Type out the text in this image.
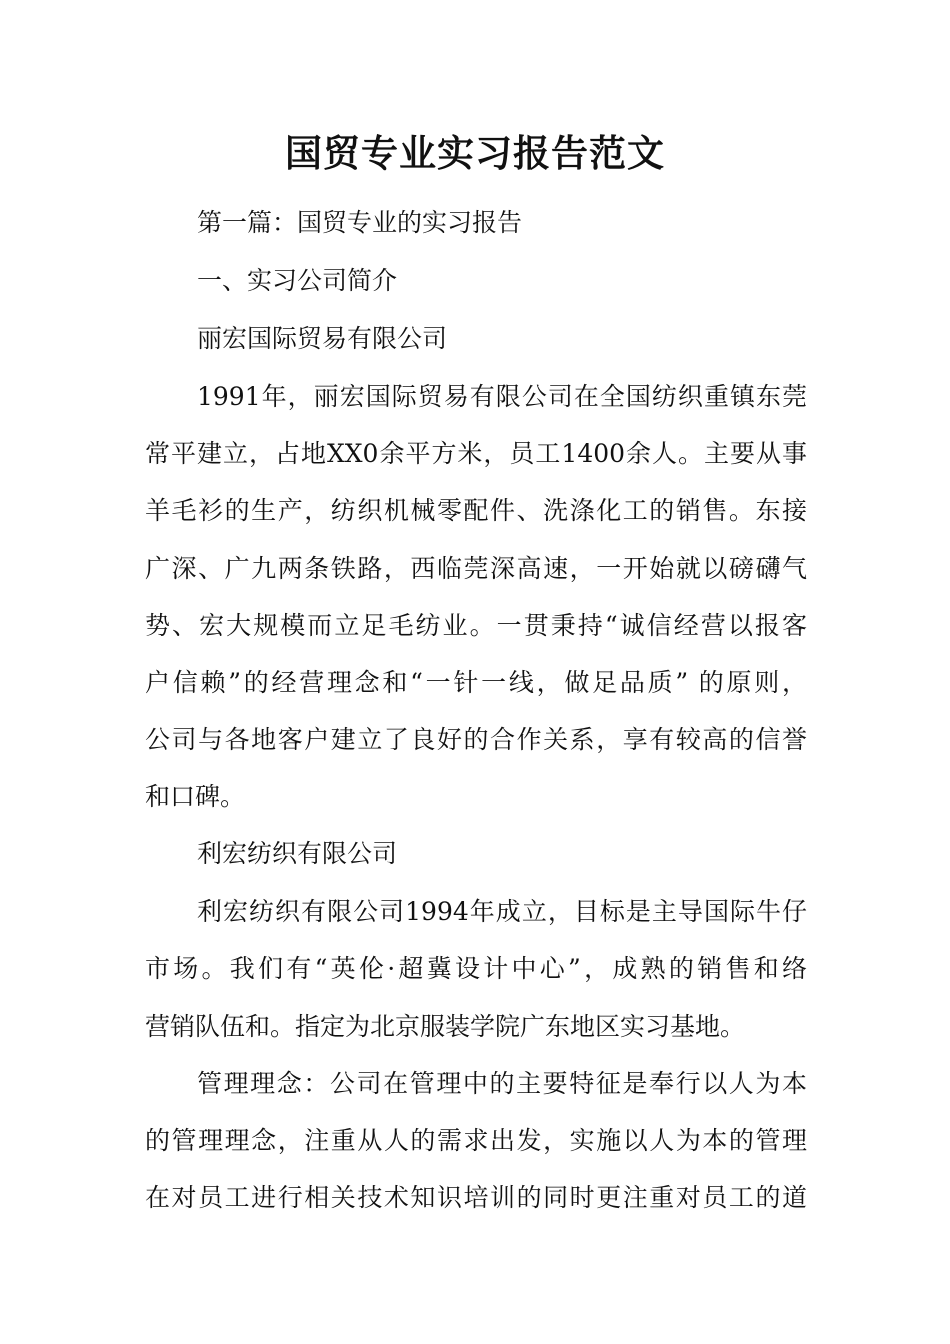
国贸专业实习报告范文
第一篇：国贸专业的实习报告
一、实习公司简介
丽宏国际贸易有限公司
1991年，丽宏国际贸易有限公司在全国纺织重镇东莞
常平建立，占地XX0余平方米，员工1400余人。主要从事
羊毛衫的生产，纺织机械零配件、洗涤化工的销售。东接
广深、广九两条铁路，西临莞深高速，一开始就以磅礴气
势、宏大规模而立足毛纺业。一贯秉持“诚信经营以报客
户信赖”的经营理念和“一针一线，做足品质” 的原则，
公司与各地客户建立了良好的合作关系，享有较高的信誉
和口碑。
利宏纺织有限公司
利宏纺织有限公司1994年成立，目标是主导国际牛仔
市场。我们有“英伦·超冀设计中心”，成熟的销售和络
营销队伍和。指定为北京服装学院广东地区实习基地。
管理理念：公司在管理中的主要特征是奉行以人为本
的管理理念，注重从人的需求出发，实施以人为本的管理
在对员工进行相关技术知识培训的同时更注重对员工的道
